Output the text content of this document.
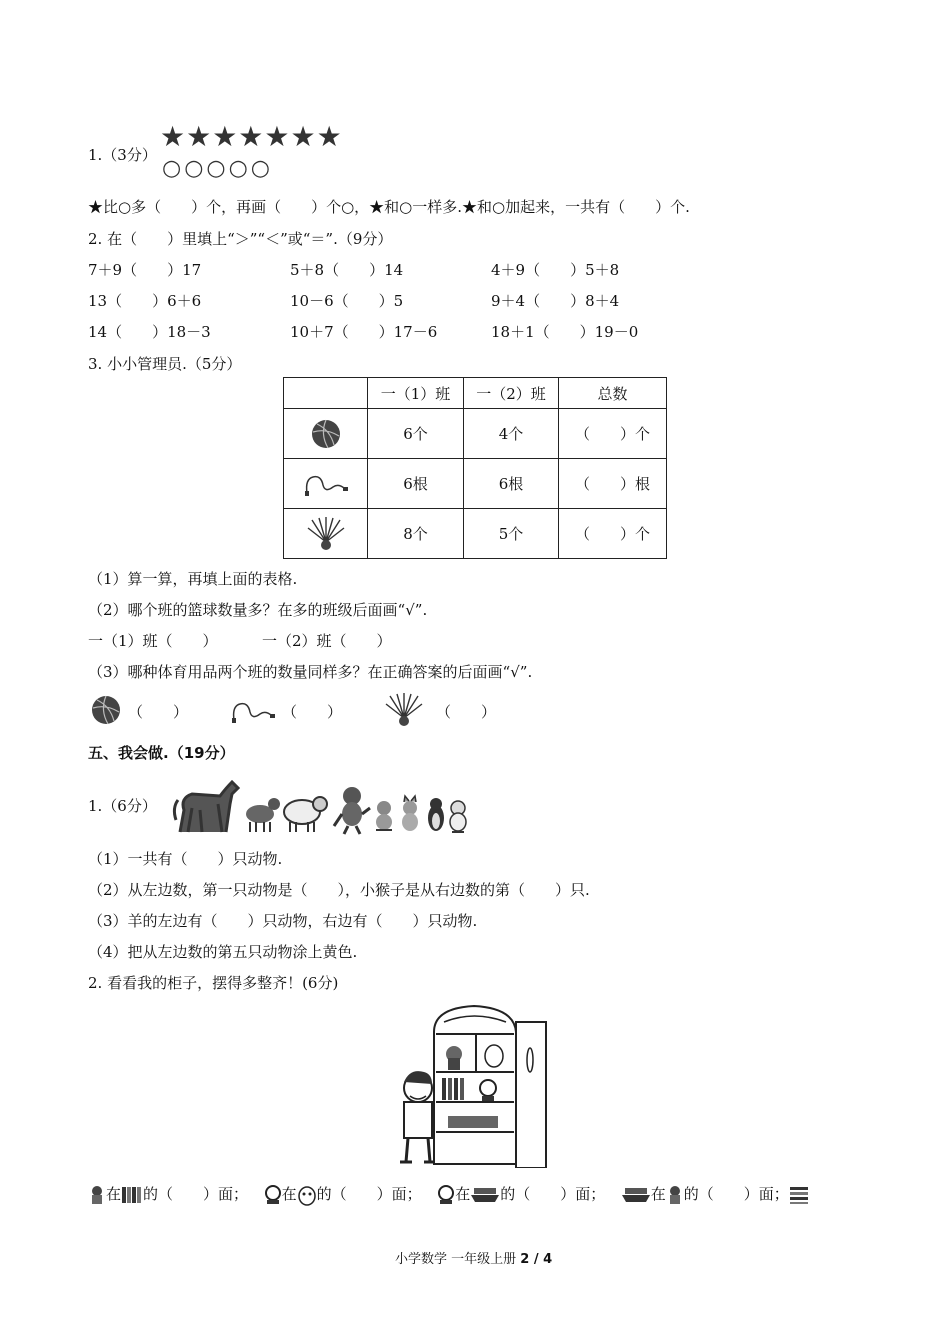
1.（3分）
★★★★★★★
○○○○○
★比○多（　　）个，再画（　　）个○，★和○一样多.★和○加起来，一共有（　　）个.
2. 在（　　）里填上“＞”“＜”或“＝”.（9分）
7＋9（　　）17	5＋8（　　）14	4＋9（　　）5＋8
13（　　）6＋6	10－6（　　）5	9＋4（　　）8＋4
14（　　）18－3	10＋7（　　）17－6	18＋1（　　）19－0
3. 小小管理员.（5分）
	一（1）班	一（2）班	总数
	6个	4个	（　　）个
	6根	6根	（　　）根
	8个	5个	（　　）个
（1）算一算，再填上面的表格.
（2）哪个班的篮球数量多？在多的班级后面画“√”.
一（1）班（　　）	一（2）班（　　）
（3）哪种体育用品两个班的数量同样多？在正确答案的后面画“√”.
（　　）	（　　）	（　　）
五、我会做.（19分）
1.（6分）
（1）一共有（　　）只动物.
（2）从左边数，第一只动物是（　　），小猴子是从右边数的第（　　）只.
（3）羊的左边有（　　）只动物，右边有（　　）只动物.
（4）把从左边数的第五只动物涂上黄色.
2. 看看我的柜子，摆得多整齐！(6分)
在 的（　　）面； 在 的（　　）面； 在 的（　　）面；	在 的（　　）面；
小学数学 一年级上册 2 / 4
